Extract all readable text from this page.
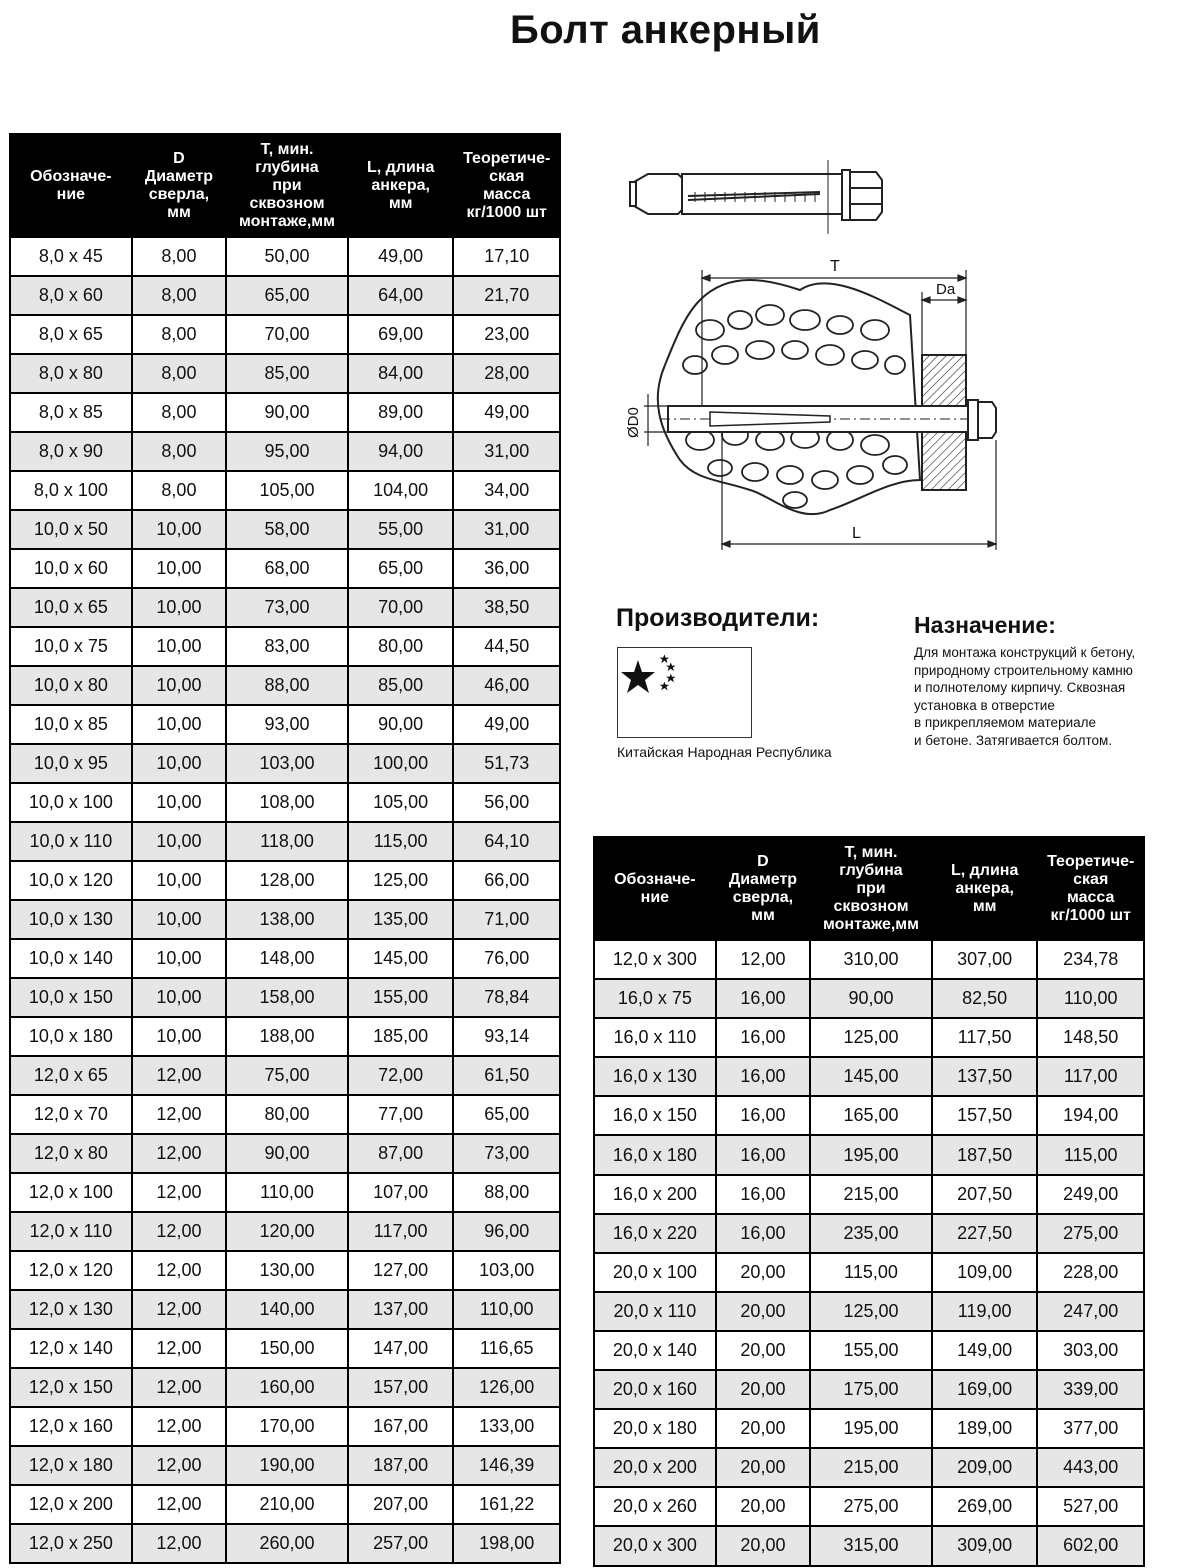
Болт анкерный
Обозначе-
ние	D
Диаметр
сверла,
мм	Т, мин.
глубина
при
сквозном
монтаже,мм	L, длина
анкера,
мм	Теоретиче-
ская
масса
кг/1000 шт

8,0 x 45	8,00	50,00	49,00	17,10
8,0 x 60	8,00	65,00	64,00	21,70
8,0 x 65	8,00	70,00	69,00	23,00
8,0 x 80	8,00	85,00	84,00	28,00
8,0 x 85	8,00	90,00	89,00	49,00
8,0 x 90	8,00	95,00	94,00	31,00
8,0 x 100	8,00	105,00	104,00	34,00
10,0 x 50	10,00	58,00	55,00	31,00
10,0 x 60	10,00	68,00	65,00	36,00
10,0 x 65	10,00	73,00	70,00	38,50
10,0 x 75	10,00	83,00	80,00	44,50
10,0 x 80	10,00	88,00	85,00	46,00
10,0 x 85	10,00	93,00	90,00	49,00
10,0 x 95	10,00	103,00	100,00	51,73
10,0 x 100	10,00	108,00	105,00	56,00
10,0 x 110	10,00	118,00	115,00	64,10
10,0 x 120	10,00	128,00	125,00	66,00
10,0 x 130	10,00	138,00	135,00	71,00
10,0 x 140	10,00	148,00	145,00	76,00
10,0 x 150	10,00	158,00	155,00	78,84
10,0 x 180	10,00	188,00	185,00	93,14
12,0 x 65	12,00	75,00	72,00	61,50
12,0 x 70	12,00	80,00	77,00	65,00
12,0 x 80	12,00	90,00	87,00	73,00
12,0 x 100	12,00	110,00	107,00	88,00
12,0 x 110	12,00	120,00	117,00	96,00
12,0 x 120	12,00	130,00	127,00	103,00
12,0 x 130	12,00	140,00	137,00	110,00
12,0 x 140	12,00	150,00	147,00	116,65
12,0 x 150	12,00	160,00	157,00	126,00
12,0 x 160	12,00	170,00	167,00	133,00
12,0 x 180	12,00	190,00	187,00	146,39
12,0 x 200	12,00	210,00	207,00	161,22
12,0 x 250	12,00	260,00	257,00	198,00
T
Da
ØD0
L
Производители:
Китайская Народная Республика
Назначение:
Для монтажа конструкций к бетону,
природному строительному камню
и полнотелому кирпичу. Сквозная
установка в отверстие
в прикрепляемом материале
и бетоне. Затягивается болтом.
Обозначе-
ние	D
Диаметр
сверла,
мм	Т, мин.
глубина
при
сквозном
монтаже,мм	L, длина
анкера,
мм	Теоретиче-
ская
масса
кг/1000 шт

12,0 x 300	12,00	310,00	307,00	234,78
16,0 x 75	16,00	90,00	82,50	110,00
16,0 x 110	16,00	125,00	117,50	148,50
16,0 x 130	16,00	145,00	137,50	117,00
16,0 x 150	16,00	165,00	157,50	194,00
16,0 x 180	16,00	195,00	187,50	115,00
16,0 x 200	16,00	215,00	207,50	249,00
16,0 x 220	16,00	235,00	227,50	275,00
20,0 x 100	20,00	115,00	109,00	228,00
20,0 x 110	20,00	125,00	119,00	247,00
20,0 x 140	20,00	155,00	149,00	303,00
20,0 x 160	20,00	175,00	169,00	339,00
20,0 x 180	20,00	195,00	189,00	377,00
20,0 x 200	20,00	215,00	209,00	443,00
20,0 x 260	20,00	275,00	269,00	527,00
20,0 x 300	20,00	315,00	309,00	602,00
